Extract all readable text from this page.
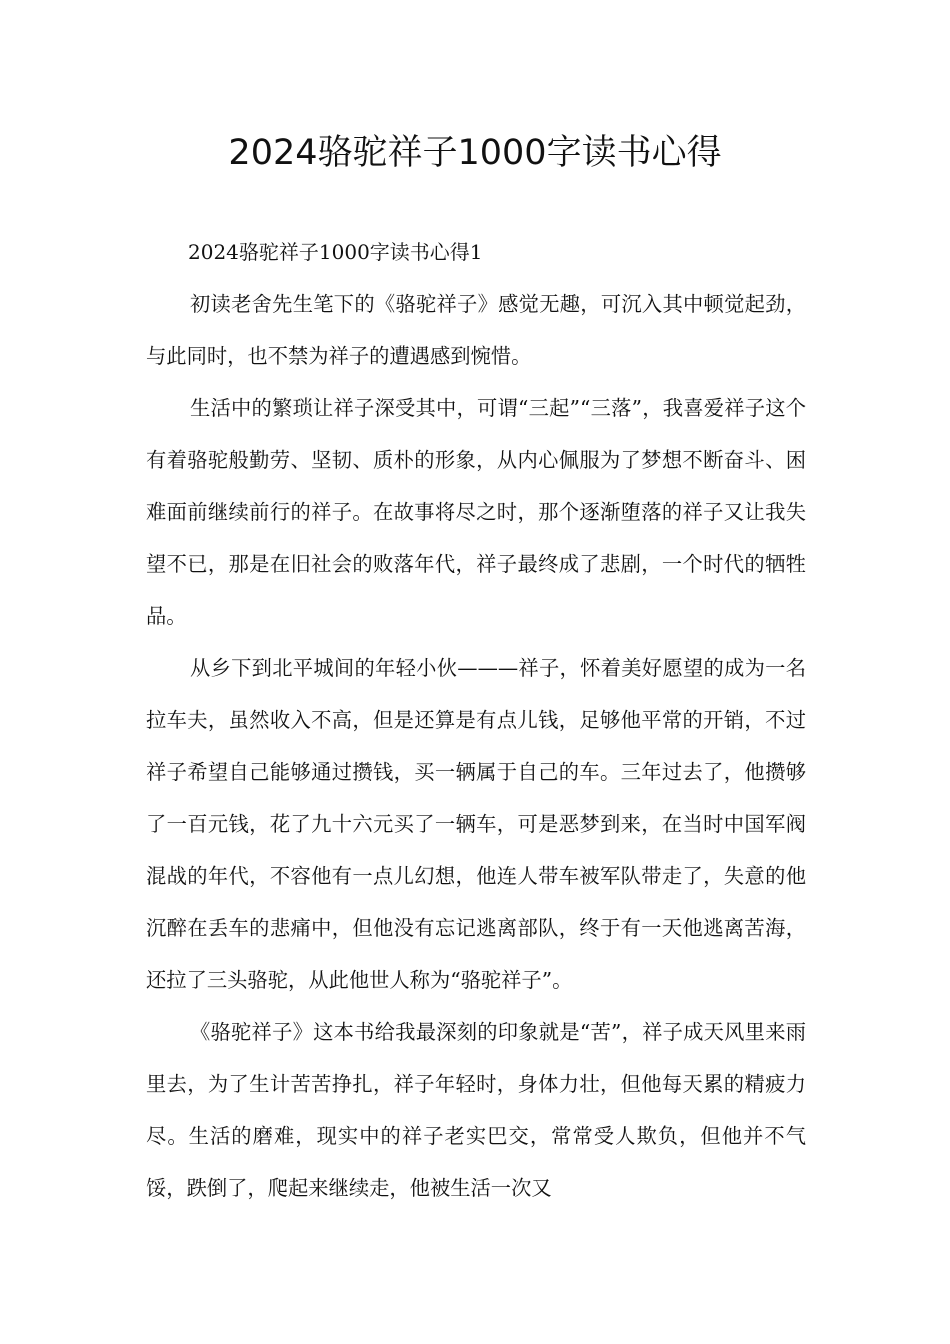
2024骆驼祥子1000字读书心得

2024骆驼祥子1000字读书心得1

初读老舍先生笔下的《骆驼祥子》感觉无趣，可沉入其中顿觉起劲，与此同时，也不禁为祥子的遭遇感到惋惜。

生活中的繁琐让祥子深受其中，可谓“三起”“三落”，我喜爱祥子这个有着骆驼般勤劳、坚韧、质朴的形象，从内心佩服为了梦想不断奋斗、困难面前继续前行的祥子。在故事将尽之时，那个逐渐堕落的祥子又让我失望不已，那是在旧社会的败落年代，祥子最终成了悲剧，一个时代的牺牲品。

从乡下到北平城间的年轻小伙———祥子，怀着美好愿望的成为一名拉车夫，虽然收入不高，但是还算是有点儿钱，足够他平常的开销，不过祥子希望自己能够通过攒钱，买一辆属于自己的车。三年过去了，他攒够了一百元钱，花了九十六元买了一辆车，可是恶梦到来，在当时中国军阀混战的年代，不容他有一点儿幻想，他连人带车被军队带走了，失意的他沉醉在丢车的悲痛中，但他没有忘记逃离部队，终于有一天他逃离苦海，还拉了三头骆驼，从此他世人称为“骆驼祥子”。

《骆驼祥子》这本书给我最深刻的印象就是“苦”，祥子成天风里来雨里去，为了生计苦苦挣扎，祥子年轻时，身体力壮，但他每天累的精疲力尽。生活的磨难，现实中的祥子老实巴交，常常受人欺负，但他并不气馁，跌倒了，爬起来继续走，他被生活一次又
